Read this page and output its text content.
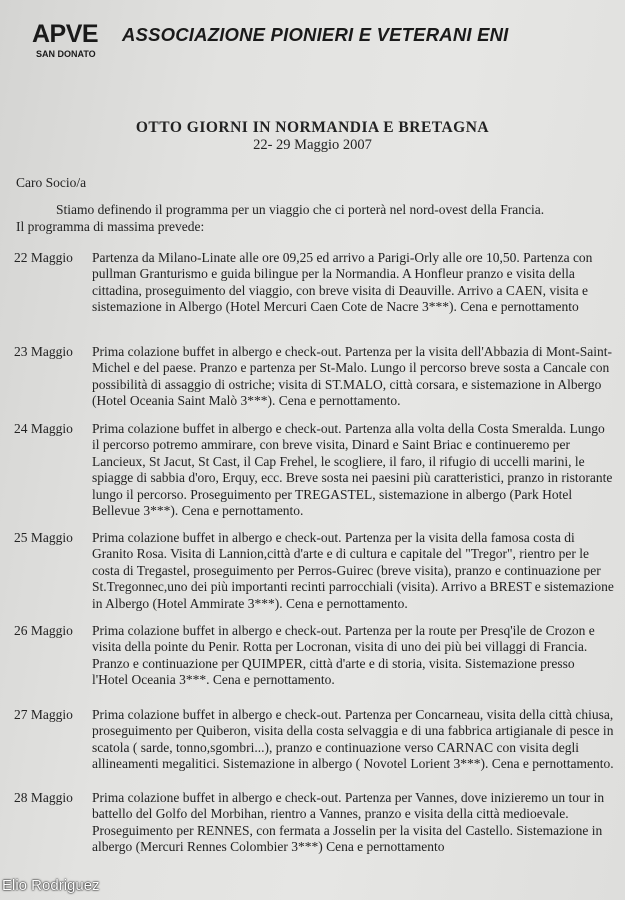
APVE
SAN DONATO
ASSOCIAZIONE PIONIERI E VETERANI ENI
OTTO GIORNI IN NORMANDIA E BRETAGNA
22- 29 Maggio 2007
Caro Socio/a
Stiamo definendo il programma per un viaggio che ci porterà nel nord-ovest della Francia.
Il programma di massima prevede:
22 Maggio	Partenza da Milano-Linate alle ore 09,25 ed arrivo a Parigi-Orly alle ore 10,50. Partenza con pullman Granturismo e guida bilingue per la Normandia. A Honfleur pranzo e visita della cittadina, proseguimento del viaggio, con breve visita di Deauville. Arrivo a CAEN, visita e sistemazione in Albergo (Hotel Mercuri Caen Cote de Nacre 3***). Cena e pernottamento
23 Maggio	Prima colazione buffet in albergo e check-out. Partenza per la visita dell'Abbazia di Mont-Saint-Michel e del paese. Pranzo e partenza per St-Malo. Lungo il percorso breve sosta a Cancale con possibilità di assaggio di ostriche; visita di ST.MALO, città corsara, e sistemazione in Albergo (Hotel Oceania Saint Malò 3***). Cena e pernottamento.
24 Maggio	Prima colazione buffet in albergo e check-out. Partenza alla volta della Costa Smeralda. Lungo il percorso potremo ammirare, con breve visita, Dinard e Saint Briac e continueremo per Lancieux, St Jacut, St Cast, il Cap Frehel, le scogliere, il faro, il rifugio di uccelli marini, le spiagge di sabbia d'oro, Erquy, ecc. Breve sosta nei paesini più caratteristici, pranzo in ristorante lungo il percorso. Proseguimento per TREGASTEL, sistemazione in albergo (Park Hotel Bellevue 3***). Cena e pernottamento.
25 Maggio	Prima colazione buffet in albergo e check-out. Partenza per la visita della famosa costa di Granito Rosa. Visita di Lannion,città d'arte e di cultura e capitale del "Tregor", rientro per le costa di Tregastel, proseguimento per Perros-Guirec (breve visita), pranzo e continuazione per St.Tregonnec,uno dei più importanti recinti parrocchiali (visita). Arrivo a BREST e sistemazione in Albergo (Hotel Ammirate 3***). Cena e pernottamento.
26 Maggio	Prima colazione buffet in albergo e check-out. Partenza per la route per Presq'ile de Crozon e visita della pointe du Penir. Rotta per Locronan, visita di uno dei più bei villaggi di Francia. Pranzo e continuazione per QUIMPER, città d'arte e di storia, visita. Sistemazione presso l'Hotel Oceania 3***. Cena e pernottamento.
27 Maggio	Prima colazione buffet in albergo e check-out. Partenza per Concarneau, visita della città chiusa, proseguimento per Quiberon, visita della costa selvaggia e di una fabbrica artigianale di pesce in scatola ( sarde, tonno,sgombri...), pranzo e continuazione verso CARNAC con visita degli allineamenti megalitici. Sistemazione in albergo ( Novotel Lorient 3***). Cena e pernottamento.
28 Maggio	Prima colazione buffet in albergo e check-out. Partenza per Vannes, dove inizieremo un tour in battello del Golfo del Morbihan, rientro a Vannes, pranzo e visita della città medioevale. Proseguimento per RENNES, con fermata a Josselin per la visita del Castello. Sistemazione in albergo (Mercuri Rennes Colombier 3***) Cena e pernottamento
Elio Rodriguez
